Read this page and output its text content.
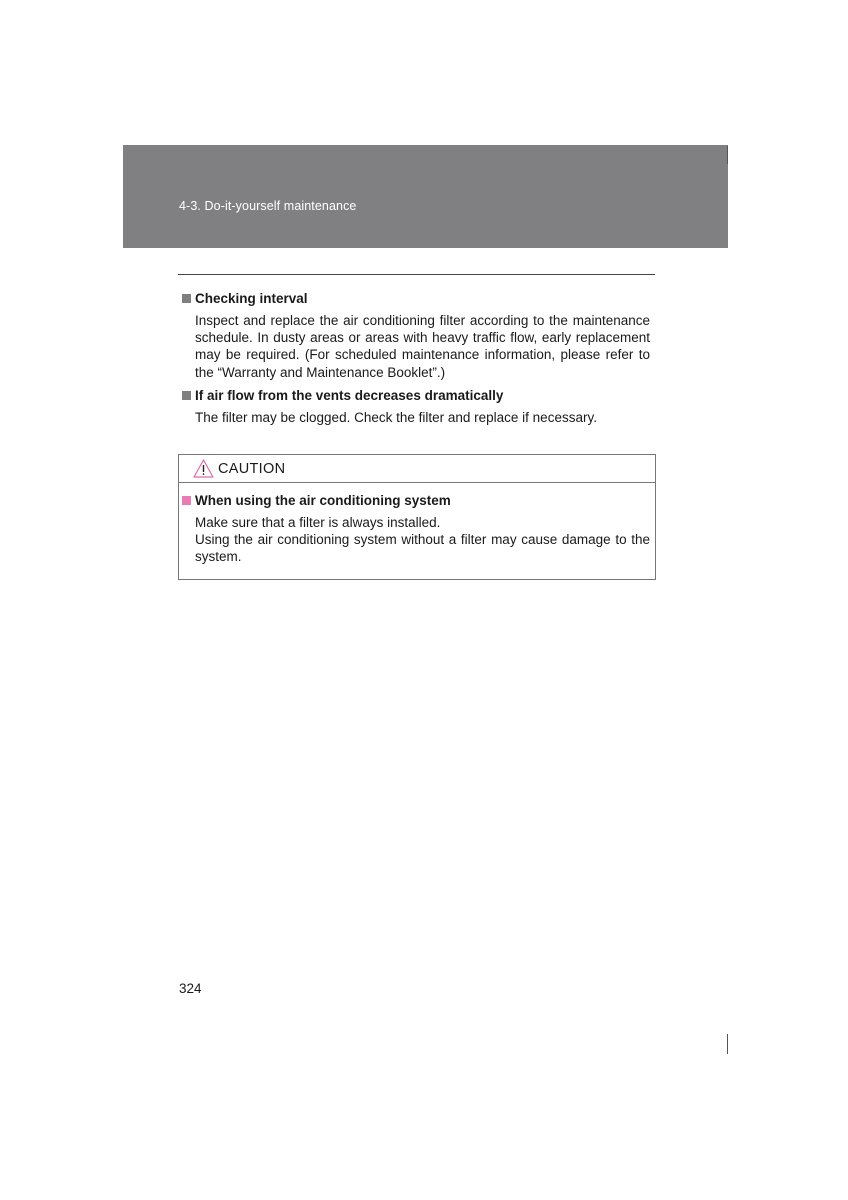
4-3. Do-it-yourself maintenance
Checking interval
Inspect and replace the air conditioning filter according to the maintenance schedule. In dusty areas or areas with heavy traffic flow, early replacement may be required. (For scheduled maintenance information, please refer to the “Warranty and Maintenance Booklet”.)
If air flow from the vents decreases dramatically
The filter may be clogged. Check the filter and replace if necessary.
CAUTION
When using the air conditioning system
Make sure that a filter is always installed.
Using the air conditioning system without a filter may cause damage to the system.
324
